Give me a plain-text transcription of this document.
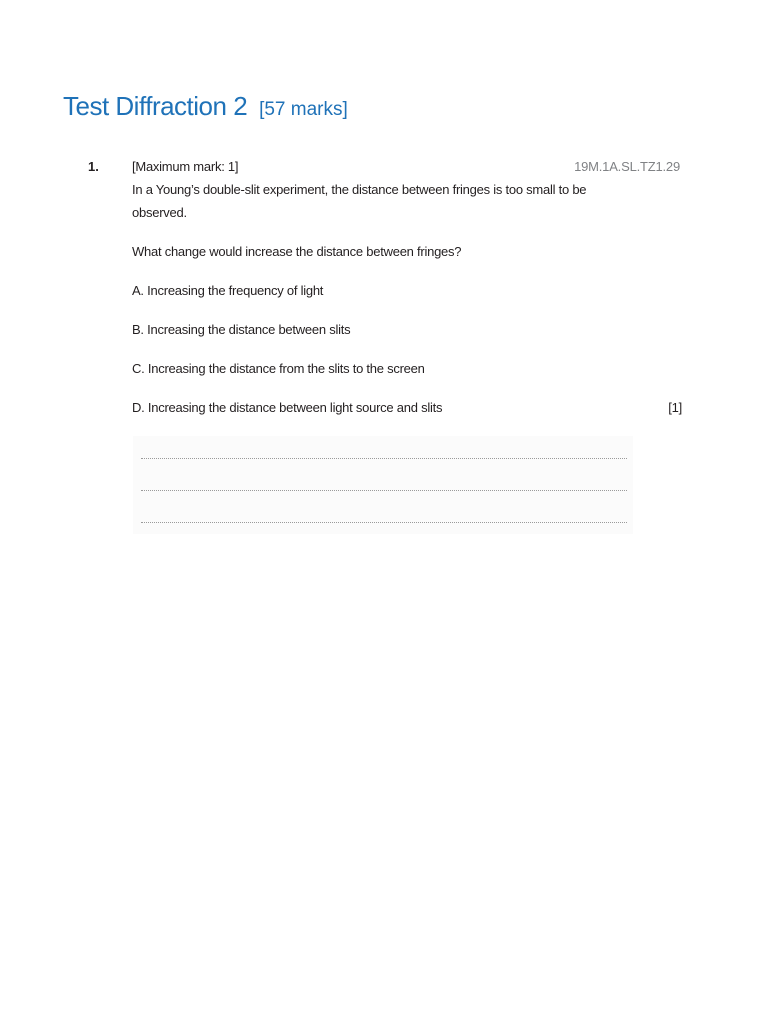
Test Diffraction 2 [57 marks]
1.	19M.1A.SL.TZ1.29

[Maximum mark: 1]

In a Young’s double-slit experiment, the distance between fringes is too small to be observed.

What change would increase the distance between fringes?

A. Increasing the frequency of light

B. Increasing the distance between slits

C. Increasing the distance from the slits to the screen

D. Increasing the distance between light source and slits	[1]
